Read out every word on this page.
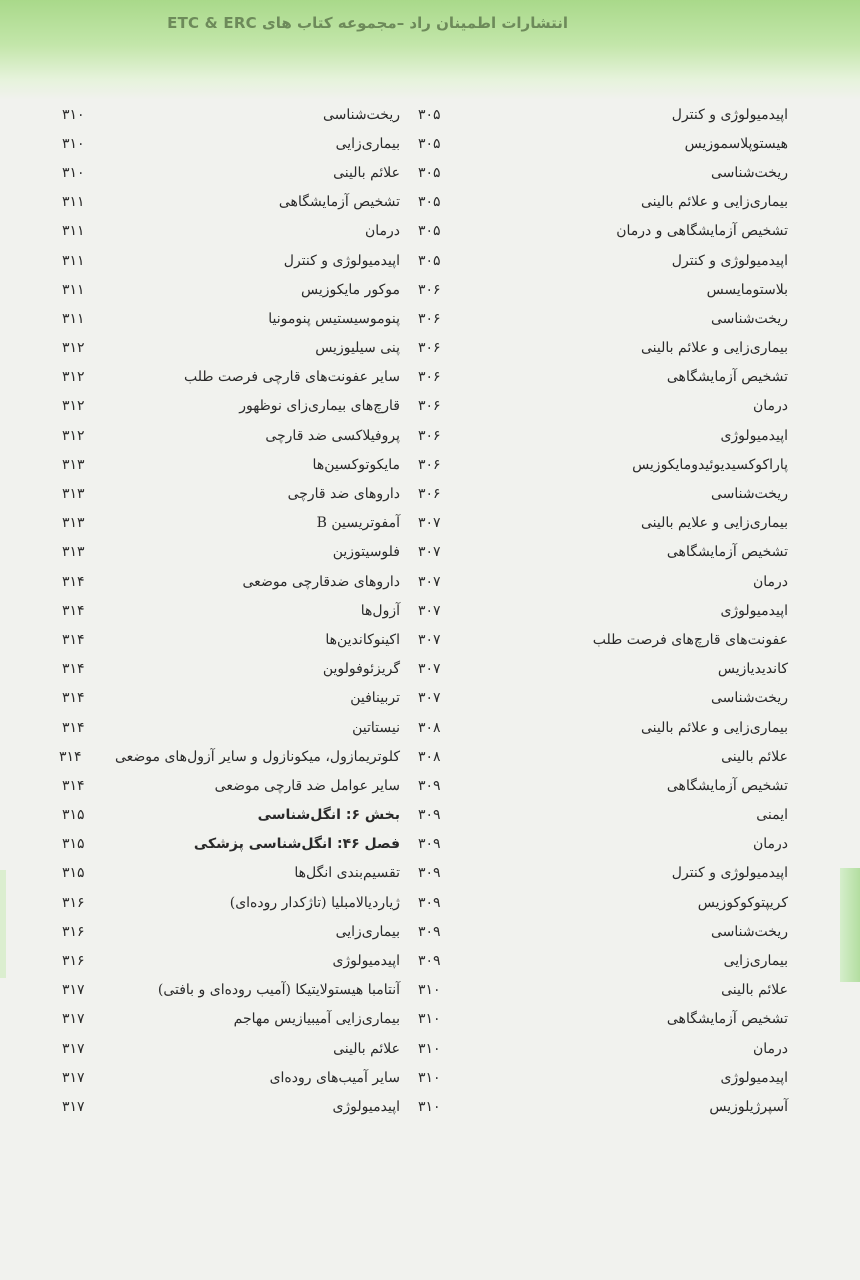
انتشارات اطمینان راد –مجموعه کتاب های ETC & ERC
اپیدمیولوژی و کنترل
هیستوپلاسموزیس
ریخت‌شناسی
بیماری‌زایی و علائم بالینی
تشخیص آزمایشگاهی و درمان
اپیدمیولوژی و کنترل
بلاستومایسس
ریخت‌شناسی
بیماری‌زایی و علائم بالینی
تشخیص آزمایشگاهی
درمان
اپیدمیولوژی
پاراکوکسیدیوئیدومایکوزیس
ریخت‌شناسی
بیماری‌زایی و علایم بالینی
تشخیص آزمایشگاهی
درمان
اپیدمیولوژی
عفونت‌های قارچ‌های فرصت طلب
کاندیدیازیس
ریخت‌شناسی
بیماری‌زایی و علائم بالینی
علائم بالینی
تشخیص آزمایشگاهی
ایمنی
درمان
اپیدمیولوژی و کنترل
کریپتوکوکوزیس
ریخت‌شناسی
بیماری‌زایی
علائم بالینی
تشخیص آزمایشگاهی
درمان
اپیدمیولوژی
آسپرژیلوزیس
۳۰۵
ریخت‌شناسی
۳۱۰
۳۰۵
بیماری‌زایی
۳۱۰
۳۰۵
علائم بالینی
۳۱۰
۳۰۵
تشخیص آزمایشگاهی
۳۱۱
۳۰۵
درمان
۳۱۱
۳۰۵
اپیدمیولوژی و کنترل
۳۱۱
۳۰۶
موکور مایکوزیس
۳۱۱
۳۰۶
پنوموسیستیس پنومونیا
۳۱۱
۳۰۶
پنی سیلیوزیس
۳۱۲
۳۰۶
سایر عفونت‌های قارچی فرصت طلب
۳۱۲
۳۰۶
قارچ‌های بیماری‌زای نوظهور
۳۱۲
۳۰۶
پروفیلاکسی ضد قارچی
۳۱۲
۳۰۶
مایکوتوکسین‌ها
۳۱۳
۳۰۶
داروهای ضد قارچی
۳۱۳
۳۰۷
آمفوتریسین B
۳۱۳
۳۰۷
فلوسیتوزین
۳۱۳
۳۰۷
داروهای ضدقارچی موضعی
۳۱۴
۳۰۷
آزول‌ها
۳۱۴
۳۰۷
اکینوکاندین‌ها
۳۱۴
۳۰۷
گریزئوفولوین
۳۱۴
۳۰۷
تربینافین
۳۱۴
۳۰۸
نیستاتین
۳۱۴
۳۰۸
کلوتریمازول، میکونازول و سایر آزول‌های موضعی
۳۱۴
۳۰۹
سایر عوامل ضد قارچی موضعی
۳۱۴
۳۰۹
بخش ۶: انگل‌شناسی
۳۱۵
۳۰۹
فصل ۴۶: انگل‌شناسی پزشکی
۳۱۵
۳۰۹
تقسیم‌بندی انگل‌ها
۳۱۵
۳۰۹
ژیاردیالامبلیا (تاژکدار روده‌ای)
۳۱۶
۳۰۹
بیماری‌زایی
۳۱۶
۳۰۹
اپیدمیولوژی
۳۱۶
۳۱۰
آنتامبا هیستولایتیکا (آمیب روده‌ای و بافتی)
۳۱۷
۳۱۰
بیماری‌زایی آمیبیازیس مهاجم
۳۱۷
۳۱۰
علائم بالینی
۳۱۷
۳۱۰
سایر آمیب‌های روده‌ای
۳۱۷
۳۱۰
اپیدمیولوژی
۳۱۷
